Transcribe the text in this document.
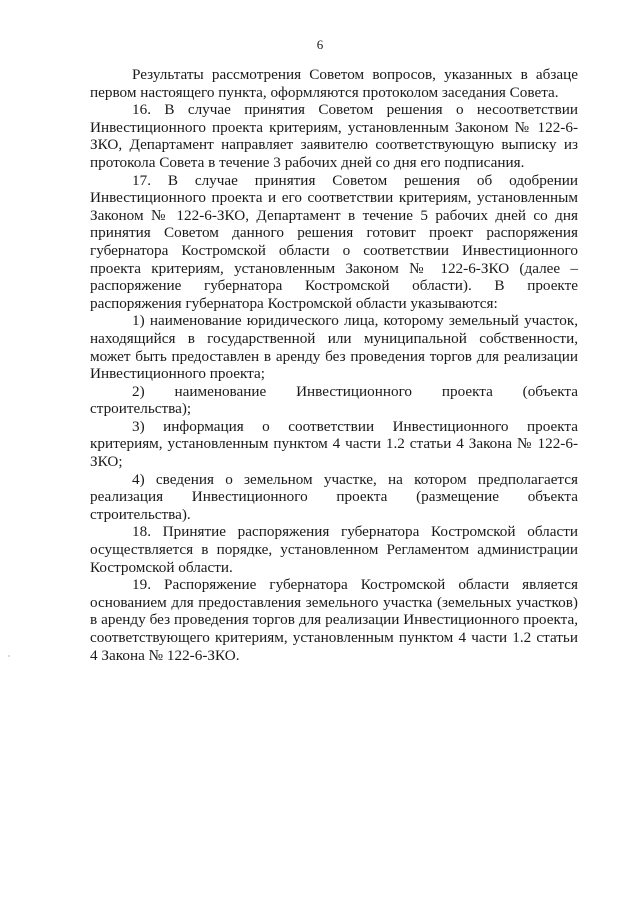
6

Результаты рассмотрения Советом вопросов, указанных в абзаце первом настоящего пункта, оформляются протоколом заседания Совета.

16. В случае принятия Советом решения о несоответствии Инвестиционного проекта критериям, установленным Законом № 122-6-ЗКО, Департамент направляет заявителю соответствующую выписку из протокола Совета в течение 3 рабочих дней со дня его подписания.

17. В случае принятия Советом решения об одобрении Инвестиционного проекта и его соответствии критериям, установленным Законом № 122-6-ЗКО, Департамент в течение 5 рабочих дней со дня принятия Советом данного решения готовит проект распоряжения губернатора Костромской области о соответствии Инвестиционного проекта критериям, установленным Законом № 122-6-ЗКО (далее – распоряжение губернатора Костромской области). В проекте распоряжения губернатора Костромской области указываются:

1) наименование юридического лица, которому земельный участок, находящийся в государственной или муниципальной собственности, может быть предоставлен в аренду без проведения торгов для реализации Инвестиционного проекта;

2) наименование Инвестиционного проекта (объекта строительства);

3) информация о соответствии Инвестиционного проекта критериям, установленным пунктом 4 части 1.2 статьи 4 Закона № 122-6-ЗКО;

4) сведения о земельном участке, на котором предполагается реализация Инвестиционного проекта (размещение объекта строительства).

18. Принятие распоряжения губернатора Костромской области осуществляется в порядке, установленном Регламентом администрации Костромской области.

19. Распоряжение губернатора Костромской области является основанием для предоставления земельного участка (земельных участков) в аренду без проведения торгов для реализации Инвестиционного проекта, соответствующего критериям, установленным пунктом 4 части 1.2 статьи 4 Закона № 122-6-ЗКО.
